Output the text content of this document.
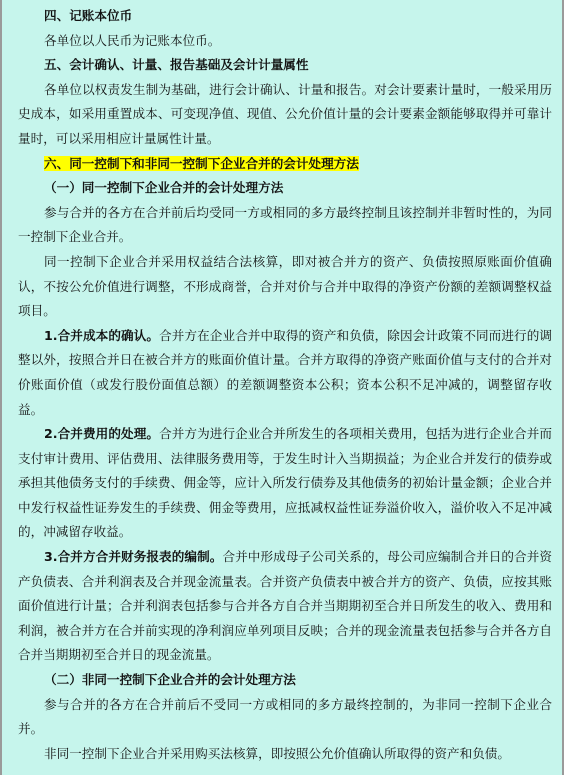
四、记账本位币

各单位以人民币为记账本位币。

五、会计确认、计量、报告基础及会计计量属性

各单位以权责发生制为基础，进行会计确认、计量和报告。对会计要素计量时，一般采用历史成本，如采用重置成本、可变现净值、现值、公允价值计量的会计要素金额能够取得并可靠计量时，可以采用相应计量属性计量。

六、同一控制下和非同一控制下企业合并的会计处理方法

（一）同一控制下企业合并的会计处理方法

参与合并的各方在合并前后均受同一方或相同的多方最终控制且该控制并非暂时性的，为同一控制下企业合并。

同一控制下企业合并采用权益结合法核算，即对被合并方的资产、负债按照原账面价值确认，不按公允价值进行调整，不形成商誉，合并对价与合并中取得的净资产份额的差额调整权益项目。

1.合并成本的确认。合并方在企业合并中取得的资产和负债，除因会计政策不同而进行的调整以外，按照合并日在被合并方的账面价值计量。合并方取得的净资产账面价值与支付的合并对价账面价值（或发行股份面值总额）的差额调整资本公积；资本公积不足冲减的，调整留存收益。

2.合并费用的处理。合并方为进行企业合并所发生的各项相关费用，包括为进行企业合并而支付审计费用、评估费用、法律服务费用等，于发生时计入当期损益；为企业合并发行的债券或承担其他债务支付的手续费、佣金等，应计入所发行债券及其他债务的初始计量金额；企业合并中发行权益性证券发生的手续费、佣金等费用，应抵减权益性证券溢价收入，溢价收入不足冲减的，冲减留存收益。

3.合并方合并财务报表的编制。合并中形成母子公司关系的，母公司应编制合并日的合并资产负债表、合并利润表及合并现金流量表。合并资产负债表中被合并方的资产、负债，应按其账面价值进行计量；合并利润表包括参与合并各方自合并当期期初至合并日所发生的收入、费用和利润，被合并方在合并前实现的净利润应单列项目反映；合并的现金流量表包括参与合并各方自合并当期期初至合并日的现金流量。

（二）非同一控制下企业合并的会计处理方法

参与合并的各方在合并前后不受同一方或相同的多方最终控制的，为非同一控制下企业合并。

非同一控制下企业合并采用购买法核算，即按照公允价值确认所取得的资产和负债。
